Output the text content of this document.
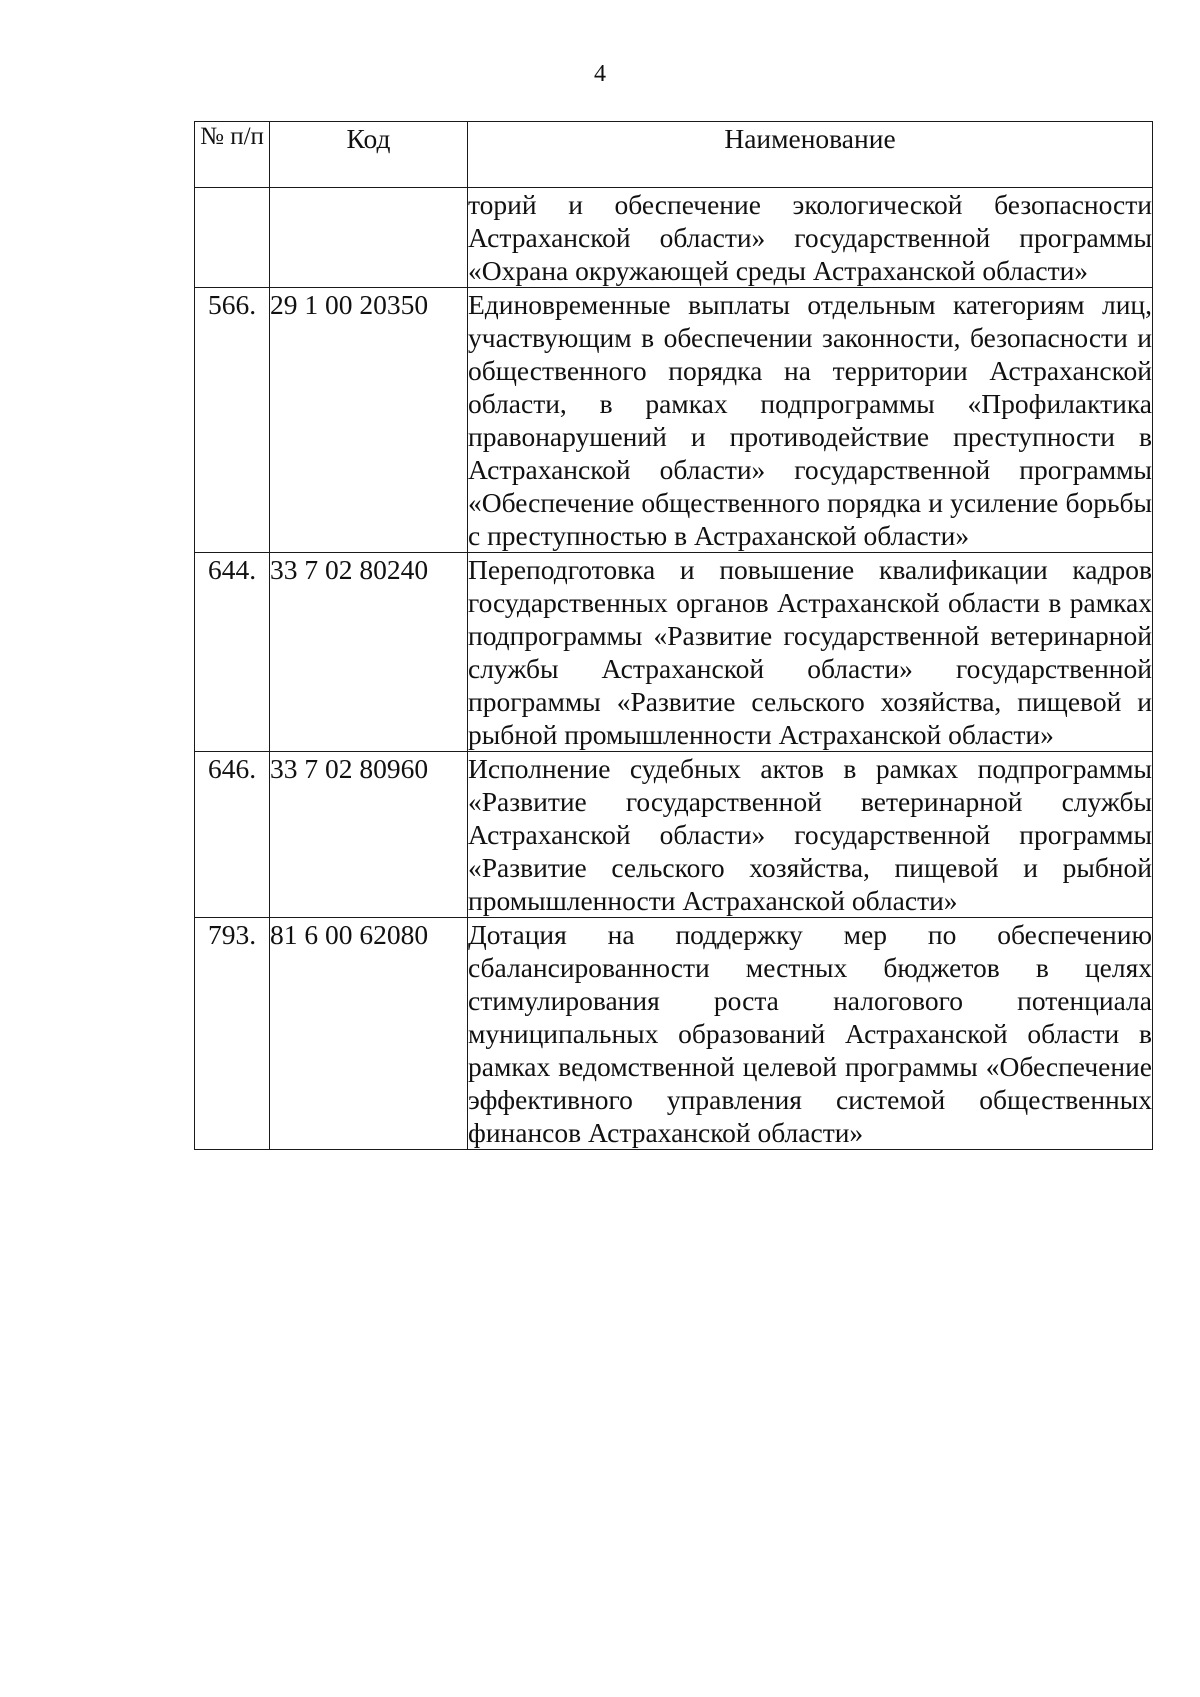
4
№ п/п	Код	Наименование
		торий и обеспечение экологической безопасности Астраханской области» государственной программы «Охрана окружающей среды Астраханской области»
566.	29 1 00 20350	Единовременные выплаты отдельным категориям лиц, участвующим в обеспечении законности, безопасности и общественного порядка на территории Астраханской области, в рамках подпрограммы «Профилактика правонарушений и противодействие преступности в Астраханской области» государственной программы «Обеспечение общественного порядка и усиление борьбы с преступностью в Астраханской области»
644.	33 7 02 80240	Переподготовка и повышение квалификации кадров государственных органов Астраханской области в рамках подпрограммы «Развитие государственной ветеринарной службы Астраханской области» государственной программы «Развитие сельского хозяйства, пищевой и рыбной промышленности Астраханской области»
646.	33 7 02 80960	Исполнение судебных актов в рамках подпрограммы «Развитие государственной ветеринарной службы Астраханской области» государственной программы «Развитие сельского хозяйства, пищевой и рыбной промышленности Астраханской области»
793.	81 6 00 62080	Дотация на поддержку мер по обеспечению сбалансированности местных бюджетов в целях стимулирования роста налогового потенциала муниципальных образований Астраханской области в рамках ведомственной целевой программы «Обеспечение эффективного управления системой общественных финансов Астраханской области»
